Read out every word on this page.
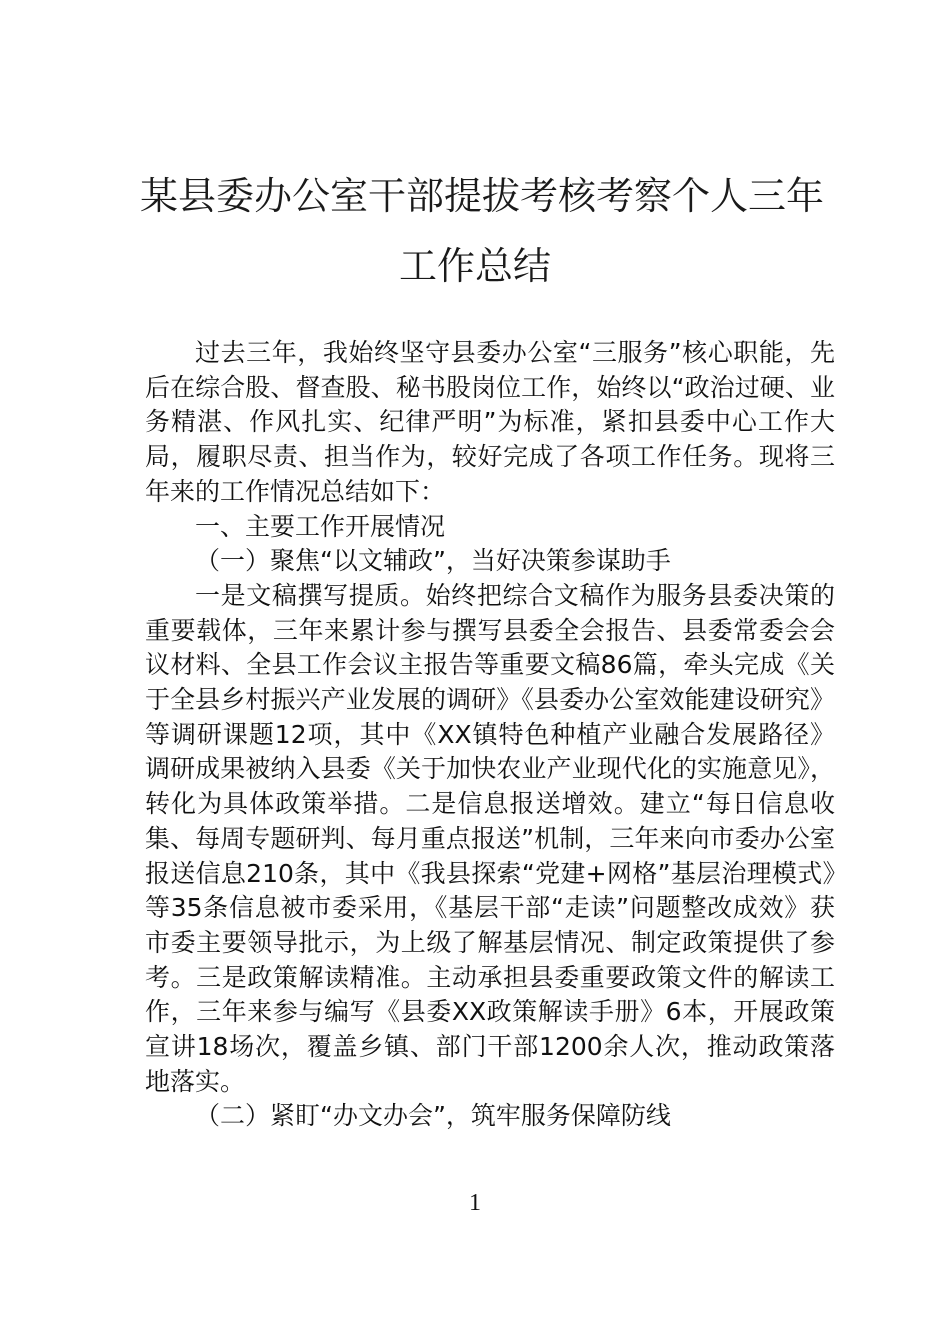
某县委办公室干部提拔考核考察个人三年
工作总结

过去三年，我始终坚守县委办公室“三服务”核心职能，先后在综合股、督查股、秘书股岗位工作，始终以“政治过硬、业务精湛、作风扎实、纪律严明”为标准，紧扣县委中心工作大局，履职尽责、担当作为，较好完成了各项工作任务。现将三年来的工作情况总结如下：

一、主要工作开展情况

（一）聚焦“以文辅政”，当好决策参谋助手

一是文稿撰写提质。始终把综合文稿作为服务县委决策的重要载体，三年来累计参与撰写县委全会报告、县委常委会会议材料、全县工作会议主报告等重要文稿86篇，牵头完成《关于全县乡村振兴产业发展的调研》《县委办公室效能建设研究》等调研课题12项，其中《XX镇特色种植产业融合发展路径》调研成果被纳入县委《关于加快农业产业现代化的实施意见》，转化为具体政策举措。二是信息报送增效。建立“每日信息收集、每周专题研判、每月重点报送”机制，三年来向市委办公室报送信息210条，其中《我县探索“党建+网格”基层治理模式》等35条信息被市委采用，《基层干部“走读”问题整改成效》获市委主要领导批示，为上级了解基层情况、制定政策提供了参考。三是政策解读精准。主动承担县委重要政策文件的解读工作，三年来参与编写《县委XX政策解读手册》6本，开展政策宣讲18场次，覆盖乡镇、部门干部1200余人次，推动政策落地落实。

（二）紧盯“办文办会”，筑牢服务保障防线

1
